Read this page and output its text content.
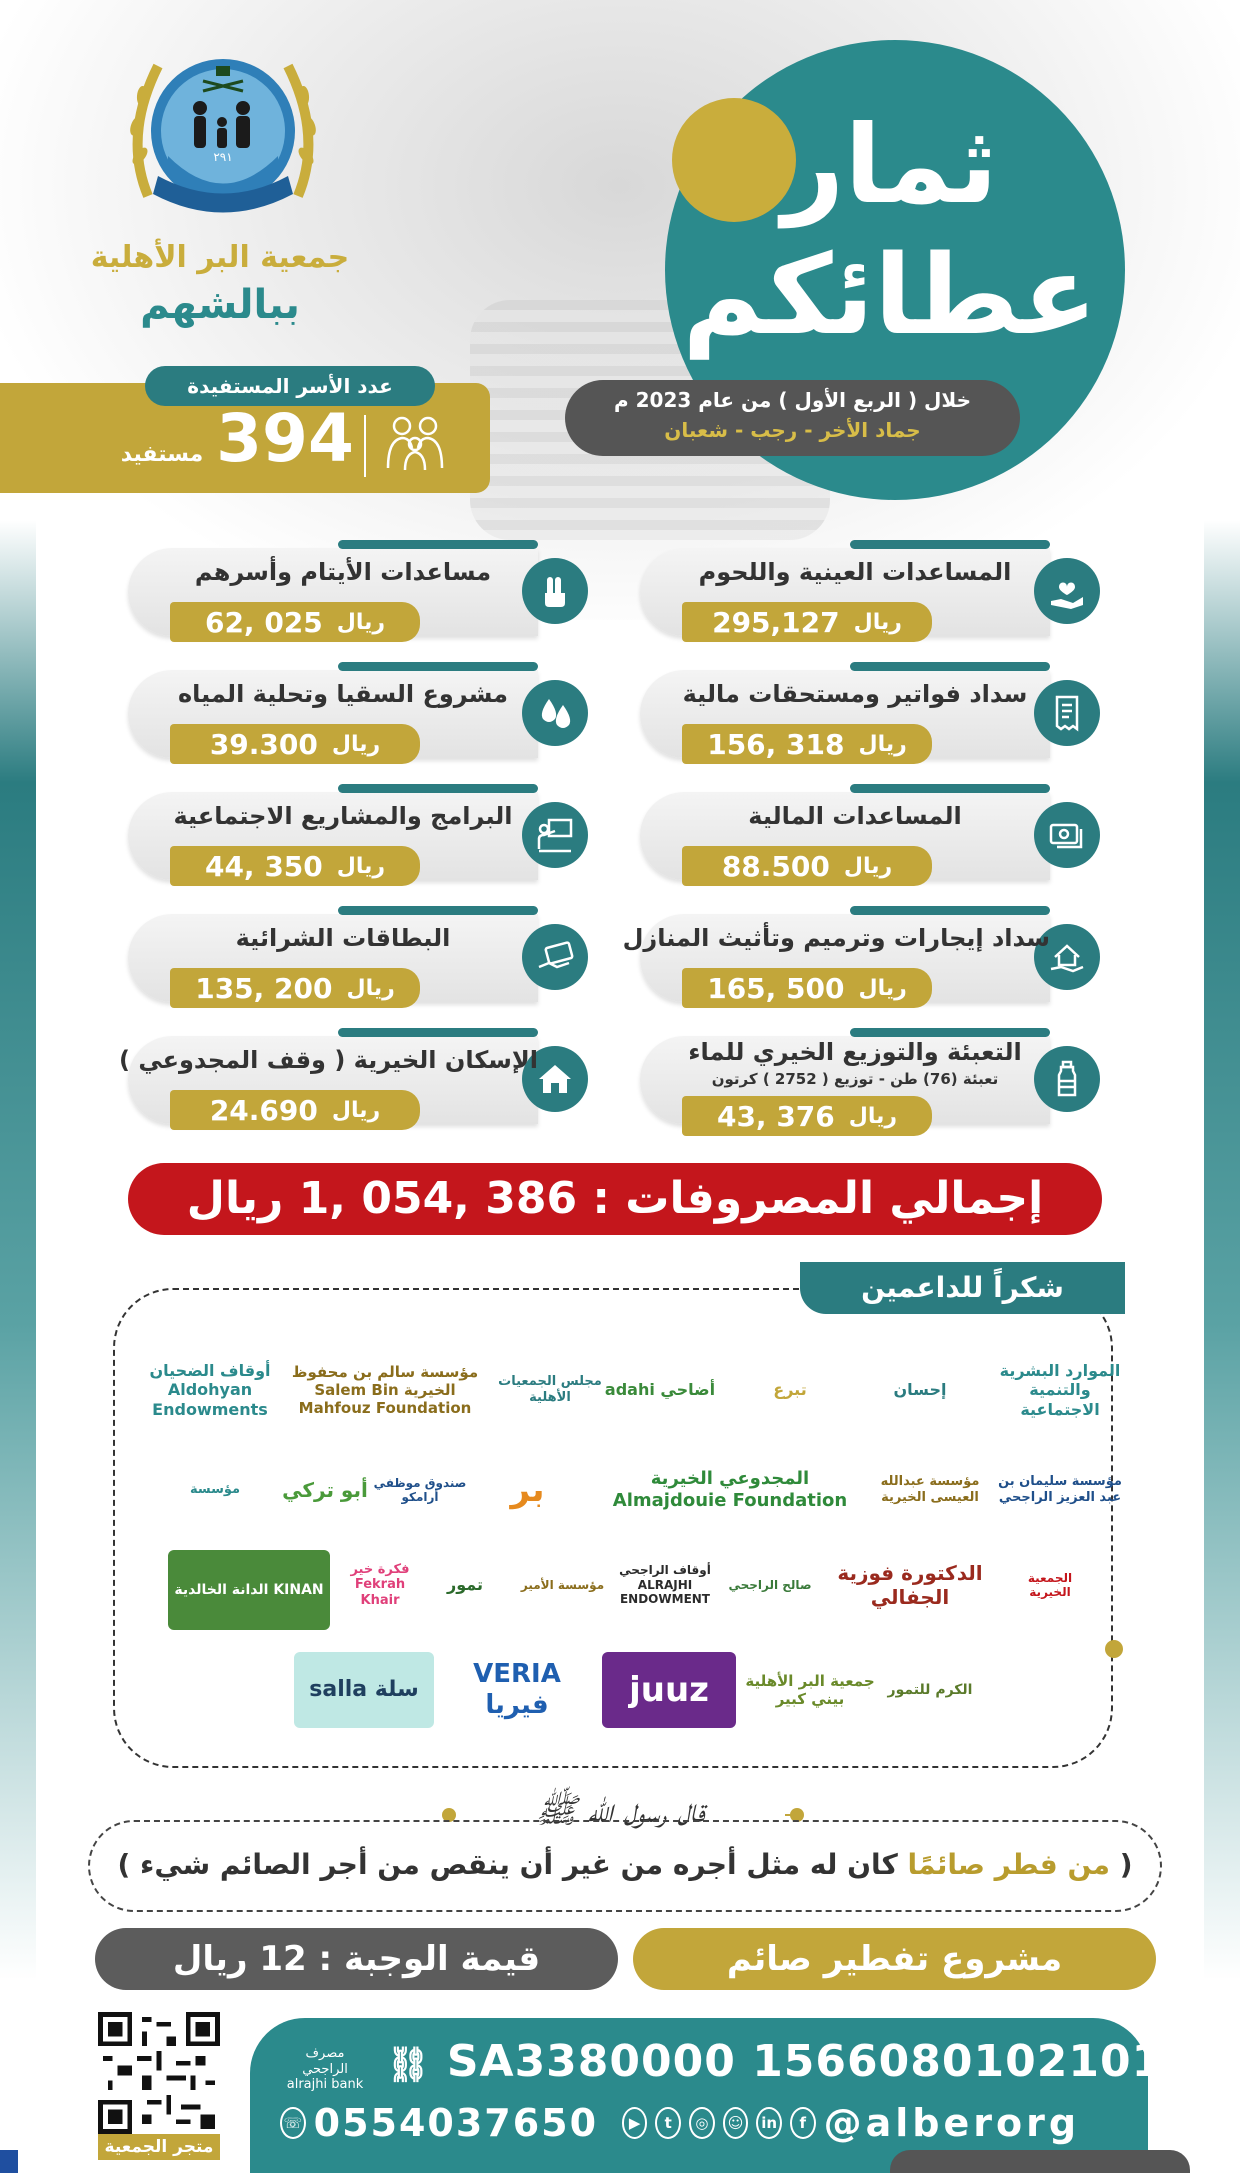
ثمار
عطائكم
خلال ( الربع الأول ) من عام 2023 م
جماد الأخر - رجب - شعبان
٢٩١
جمعية البر الأهلية
ببالشهم
عدد الأسر المستفيدة
394
مستفيد
المساعدات العينية واللحوم
295,127 ريال
سداد فواتير ومستحقات مالية
156, 318 ريال
المساعدات المالية
88.500 ريال
سداد إيجارات وترميم وتأثيث المنازل
165, 500 ريال
التعبئة والتوزيع الخيري للماء
تعبئة (76) طن - توزيع ( 2752 ) كرتون
43, 376 ريال
مساعدات الأيتام وأسرهم
62, 025 ريال
مشروع السقيا وتحلية المياه
39.300 ريال
البرامج والمشاريع الاجتماعية
44, 350 ريال
البطاقات الشرائية
135, 200 ريال
الإسكان الخيرية ( وقف المجدوعي )
24.690 ريال
إجمالي المصروفات : 1, 054, 386 ريال
شكراً للداعمين
الموارد البشرية والتنمية الاجتماعية
إحسان
تبرع
أضاحي adahi
مجلس الجمعيات الأهلية
مؤسسة سالم بن محفوظ الخيرية Salem Bin Mahfouz Foundation
أوقاف الضحيان Aldohyan Endowments
مؤسسة سليمان بن عبد العزيز الراجحي
مؤسسة عبدالله العيسى الخيرية
المجدوعي الخيرية Almajdouie Foundation
بر
صندوق موظفي أرامكو
أبو تركي
مؤسسة
الجمعية الخيرية
الدكتورة فوزية الجفالي
صالح الراجحي
أوقاف الراجحي ALRAJHI ENDOWMENT
مؤسسة الأمير
تمور
فكرة خير Fekrah Khair
KINAN الدانة الخالدية
الكرم للتمور
جمعية البر الأهلية بيني كبير
juuz
VERIA فيريا
سلة salla
قال رسول الله ﷺ
( من فطر صائمًا كان له مثل أجره من غير أن ينقص من أجر الصائم شيء )
مشروع تفطير صائم
قيمة الوجبة : 12 ريال
مصرف الراجحي
alrajhi bank ⛓ SA3380000 156608010210104
☏ 0554037650	▶	t	◎	☺	in	f @alberorg
متجر الجمعية
